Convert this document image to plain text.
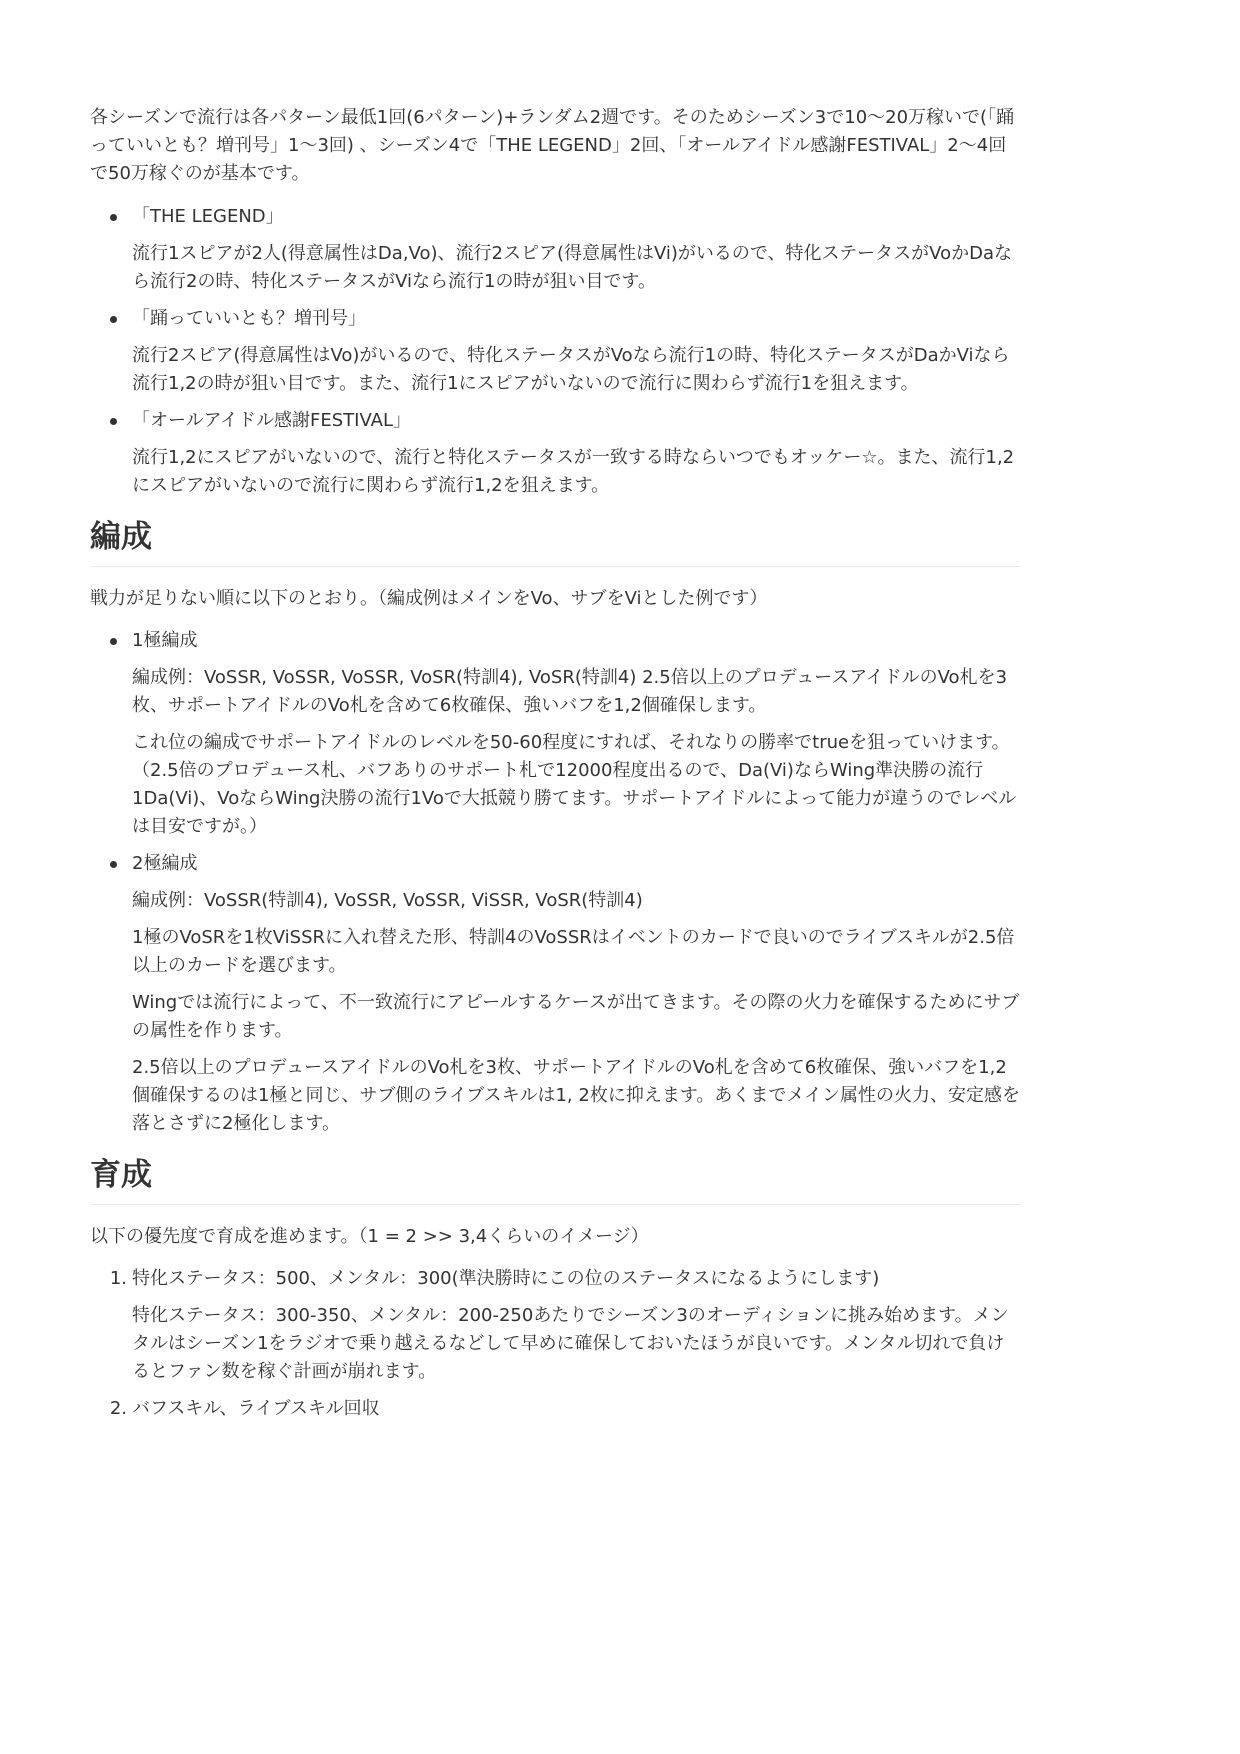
各シーズンで流行は各パターン最低1回(6パターン)+ランダム2週です。そのためシーズン3で10〜20万稼いで(「踊っていいとも？増刊号」1〜3回) 、シーズン4で「THE LEGEND」2回、「オールアイドル感謝FESTIVAL」2〜4回で50万稼ぐのが基本です。

「THE LEGEND」

流行1スピアが2人(得意属性はDa,Vo)、流行2スピア(得意属性はVi)がいるので、特化ステータスがVoかDaなら流行2の時、特化ステータスがViなら流行1の時が狙い目です。

「踊っていいとも？増刊号」

流行2スピア(得意属性はVo)がいるので、特化ステータスがVoなら流行1の時、特化ステータスがDaかViなら流行1,2の時が狙い目です。また、流行1にスピアがいないので流行に関わらず流行1を狙えます。

「オールアイドル感謝FESTIVAL」

流行1,2にスピアがいないので、流行と特化ステータスが一致する時ならいつでもオッケー☆。また、流行1,2にスピアがいないので流行に関わらず流行1,2を狙えます。

編成

戦力が足りない順に以下のとおり。（編成例はメインをVo、サブをViとした例です）

1極編成

編成例：VoSSR, VoSSR, VoSSR, VoSR(特訓4), VoSR(特訓4) 2.5倍以上のプロデュースアイドルのVo札を3枚、サポートアイドルのVo札を含めて6枚確保、強いバフを1,2個確保します。

これ位の編成でサポートアイドルのレベルを50-60程度にすれば、それなりの勝率でtrueを狙っていけます。（2.5倍のプロデュース札、バフありのサポート札で12000程度出るので、Da(Vi)ならWing準決勝の流行1Da(Vi)、VoならWing決勝の流行1Voで大抵競り勝てます。サポートアイドルによって能力が違うのでレベルは目安ですが。）

2極編成

編成例：VoSSR(特訓4), VoSSR, VoSSR, ViSSR, VoSR(特訓4)

1極のVoSRを1枚ViSSRに入れ替えた形、特訓4のVoSSRはイベントのカードで良いのでライブスキルが2.5倍以上のカードを選びます。

Wingでは流行によって、不一致流行にアピールするケースが出てきます。その際の火力を確保するためにサブの属性を作ります。

2.5倍以上のプロデュースアイドルのVo札を3枚、サポートアイドルのVo札を含めて6枚確保、強いバフを1,2個確保するのは1極と同じ、サブ側のライブスキルは1, 2枚に抑えます。あくまでメイン属性の火力、安定感を落とさずに2極化します。

育成

以下の優先度で育成を進めます。（1 = 2 >> 3,4くらいのイメージ）

1. 特化ステータス：500、メンタル：300(準決勝時にこの位のステータスになるようにします)

特化ステータス：300-350、メンタル：200-250あたりでシーズン3のオーディションに挑み始めます。メンタルはシーズン1をラジオで乗り越えるなどして早めに確保しておいたほうが良いです。メンタル切れで負けるとファン数を稼ぐ計画が崩れます。

2. バフスキル、ライブスキル回収
